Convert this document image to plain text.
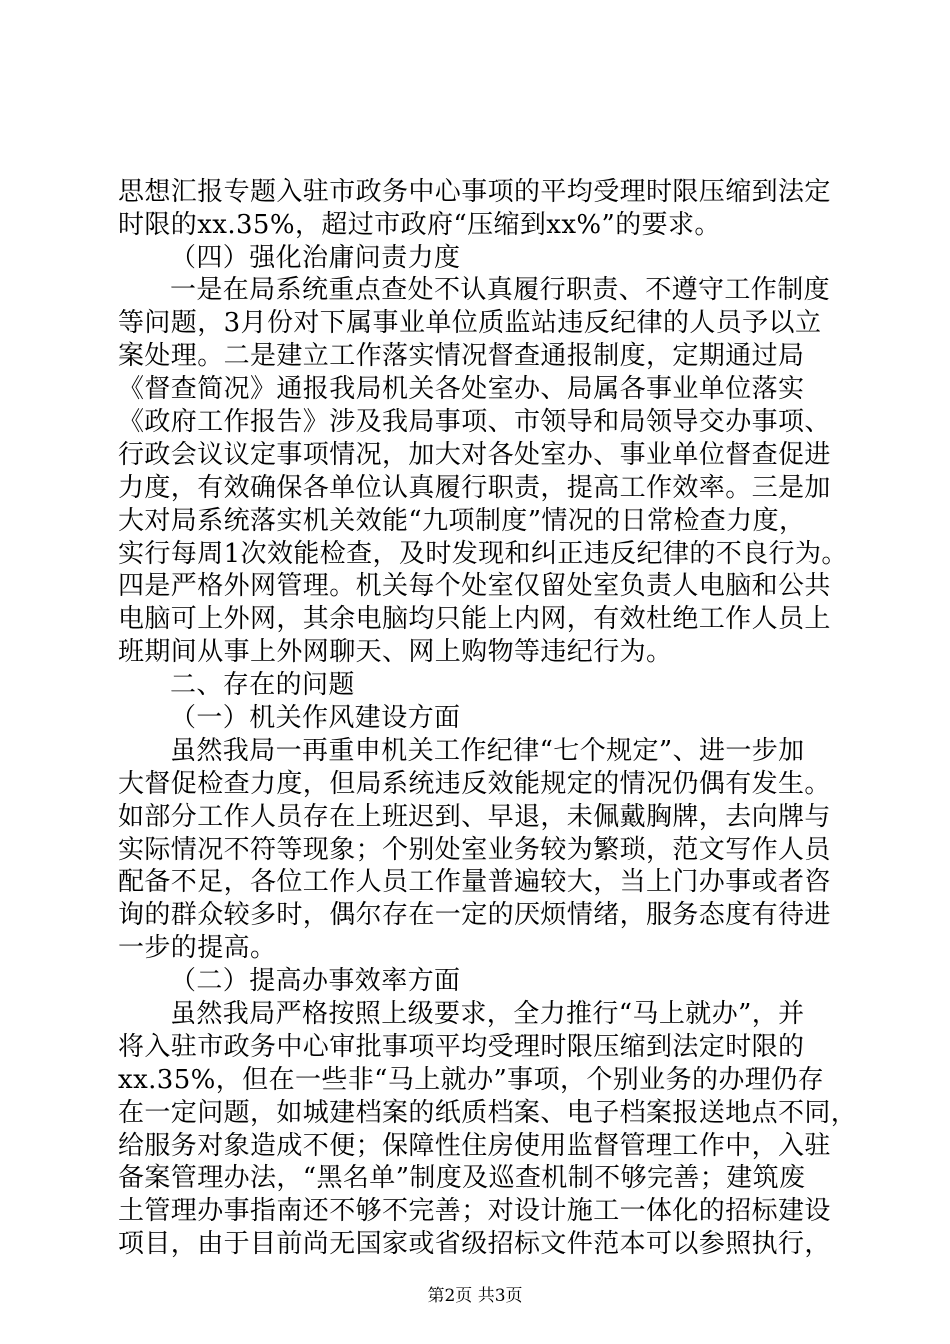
思想汇报专题入驻市政务中心事项的平均受理时限压缩到法定
时限的xx.35%，超过市政府“压缩到xx%”的要求。
（四）强化治庸问责力度
一是在局系统重点查处不认真履行职责、不遵守工作制度
等问题，3月份对下属事业单位质监站违反纪律的人员予以立
案处理。二是建立工作落实情况督查通报制度，定期通过局
《督查简况》通报我局机关各处室办、局属各事业单位落实
《政府工作报告》涉及我局事项、市领导和局领导交办事项、
行政会议议定事项情况，加大对各处室办、事业单位督查促进
力度，有效确保各单位认真履行职责，提高工作效率。三是加
大对局系统落实机关效能“九项制度”情况的日常检查力度，
实行每周1次效能检查，及时发现和纠正违反纪律的不良行为。
四是严格外网管理。机关每个处室仅留处室负责人电脑和公共
电脑可上外网，其余电脑均只能上内网，有效杜绝工作人员上
班期间从事上外网聊天、网上购物等违纪行为。
二、存在的问题
（一）机关作风建设方面
虽然我局一再重申机关工作纪律“七个规定”、进一步加
大督促检查力度，但局系统违反效能规定的情况仍偶有发生。
如部分工作人员存在上班迟到、早退，未佩戴胸牌，去向牌与
实际情况不符等现象；个别处室业务较为繁琐，范文写作人员
配备不足，各位工作人员工作量普遍较大，当上门办事或者咨
询的群众较多时，偶尔存在一定的厌烦情绪，服务态度有待进
一步的提高。
（二）提高办事效率方面
虽然我局严格按照上级要求，全力推行“马上就办”，并
将入驻市政务中心审批事项平均受理时限压缩到法定时限的
xx.35%，但在一些非“马上就办”事项，个别业务的办理仍存
在一定问题，如城建档案的纸质档案、电子档案报送地点不同，
给服务对象造成不便；保障性住房使用监督管理工作中，入驻
备案管理办法，“黑名单”制度及巡查机制不够完善；建筑废
土管理办事指南还不够不完善；对设计施工一体化的招标建设
项目，由于目前尚无国家或省级招标文件范本可以参照执行，
第2页 共3页
